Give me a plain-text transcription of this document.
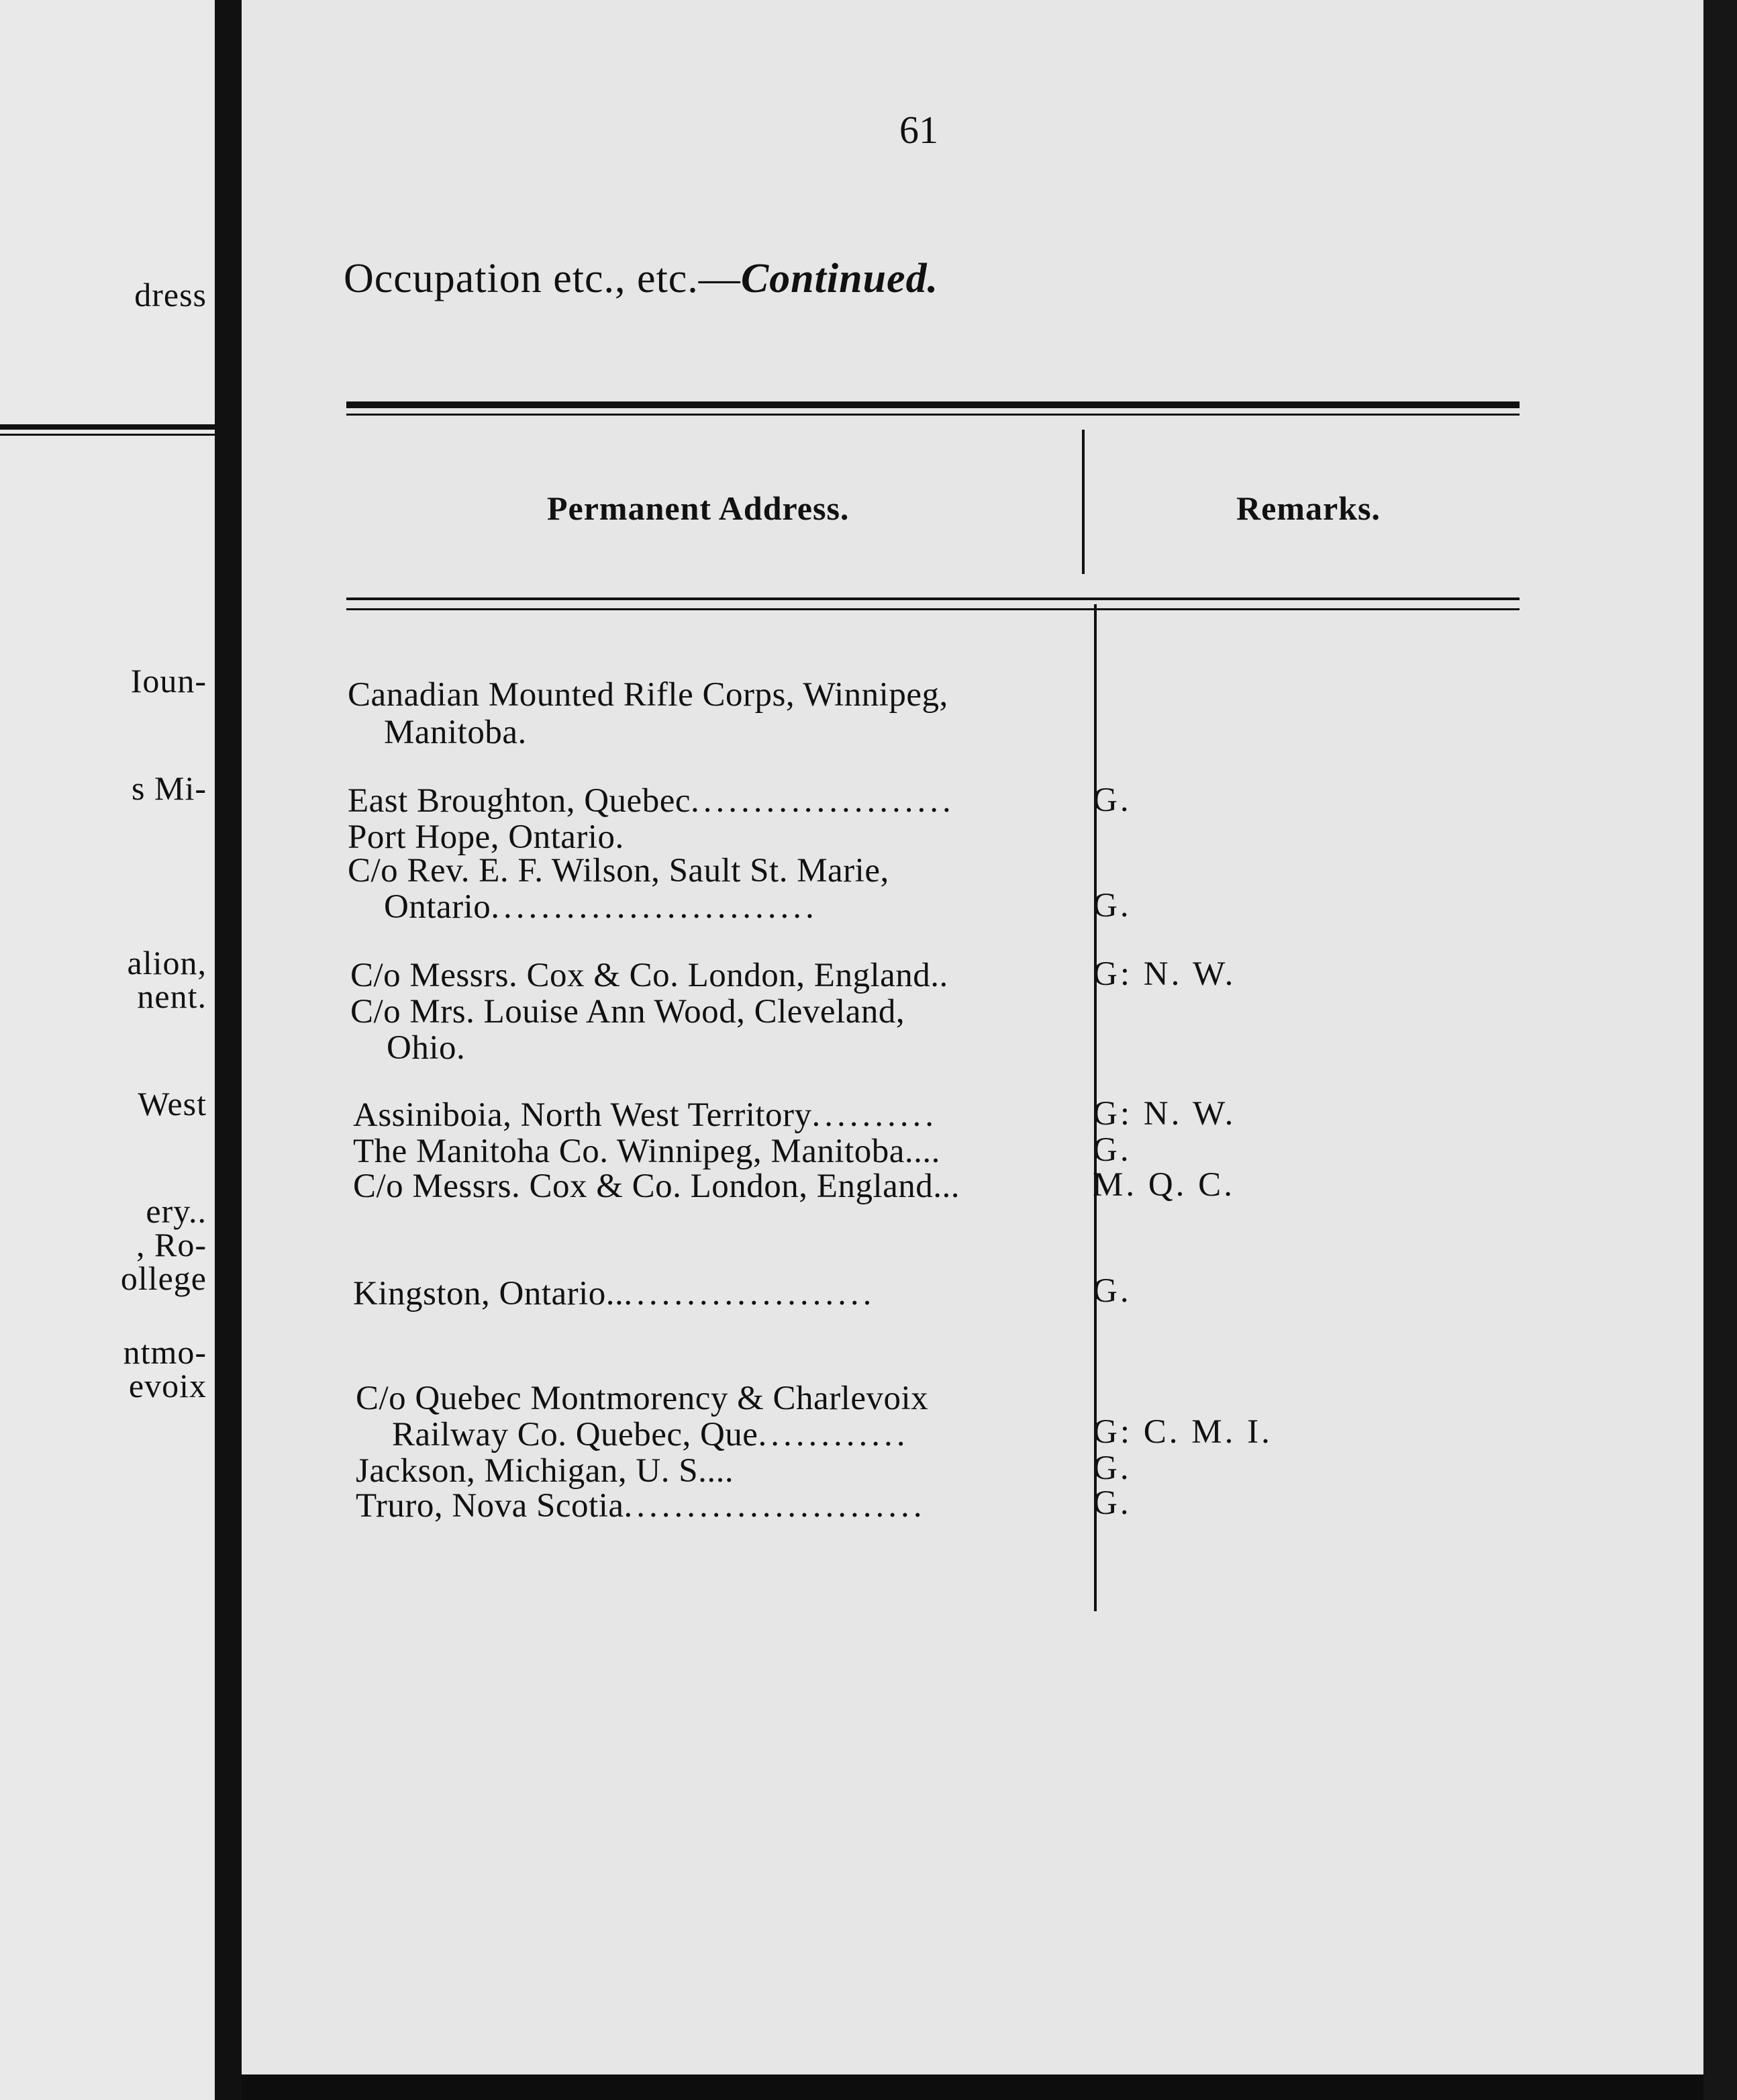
dress
Ioun-
s Mi-
alion,
nent.
West
ery..
, Ro-
ollege
ntmo-
evoix
61
Occupation etc., etc.—Continued.
Permanent Address.	Remarks.
Canadian Mounted Rifle Corps, Winnipeg,
Manitoba.
East Broughton, Quebec.....................	G.
Port Hope, Ontario.
C/o Rev. E. F. Wilson, Sault St. Marie,
Ontario..........................	G.
C/o Messrs. Cox & Co. London, England..	G: N. W.
C/o Mrs. Louise Ann Wood, Cleveland,
Ohio.
Assiniboia, North West Territory..........	G: N. W.
The Manitoha Co. Winnipeg, Manitoba....	G.
C/o Messrs. Cox & Co. London, England...	M. Q. C.
Kingston, Ontario......................	G.
C/o Quebec Montmorency & Charlevoix
Railway Co. Quebec, Que............	G: C. M. I.
Jackson, Michigan, U. S....	G.
Truro, Nova Scotia........................	G.
